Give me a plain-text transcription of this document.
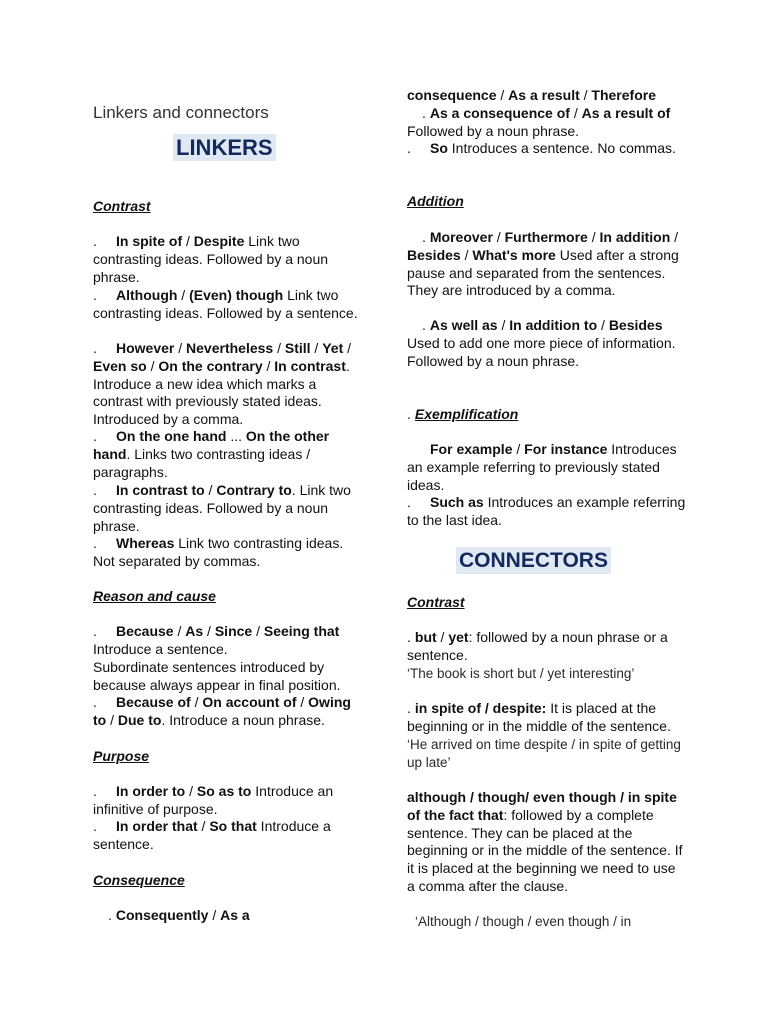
Linkers and connectors
LINKERS
Contrast

. In spite of / Despite Link two contrasting ideas. Followed by a noun phrase.

. Although / (Even) though Link two contrasting ideas. Followed by a sentence.

. However / Nevertheless / Still / Yet / Even so / On the contrary / In contrast. Introduce a new idea which marks a contrast with previously stated ideas. Introduced by a comma.

. On the one hand ... On the other hand. Links two contrasting ideas / paragraphs.

. In contrast to / Contrary to. Link two contrasting ideas. Followed by a noun phrase.

. Whereas Link two contrasting ideas. Not separated by commas.

Reason and cause

. Because / As / Since / Seeing that Introduce a sentence.

Subordinate sentences introduced by because always appear in final position.

. Because of / On account of / Owing to / Due to. Introduce a noun phrase.

Purpose

. In order to / So as to Introduce an infinitive of purpose.

. In order that / So that Introduce a sentence.

Consequence

. Consequently / As a

consequence / As a result / Therefore

. As a consequence of / As a result of Followed by a noun phrase.

. So Introduces a sentence. No commas.

Addition

. Moreover / Furthermore / In addition / Besides / What's more Used after a strong pause and separated from the sentences. They are introduced by a comma.

. As well as / In addition to / Besides Used to add one more piece of information. Followed by a noun phrase.

. Exemplification

For example / For instance Introduces an example referring to previously stated ideas.

. Such as Introduces an example referring to the last idea.

CONNECTORS
Contrast

. but / yet: followed by a noun phrase or a sentence.

‘The book is short but / yet interesting’

. in spite of / despite: It is placed at the beginning or in the middle of the sentence.

‘He arrived on time despite / in spite of getting up late’

although / though/ even though / in spite of the fact that: followed by a complete sentence. They can be placed at the beginning or in the middle of the sentence. If it is placed at the beginning we need to use a comma after the clause.

‘Although / though / even though / in
